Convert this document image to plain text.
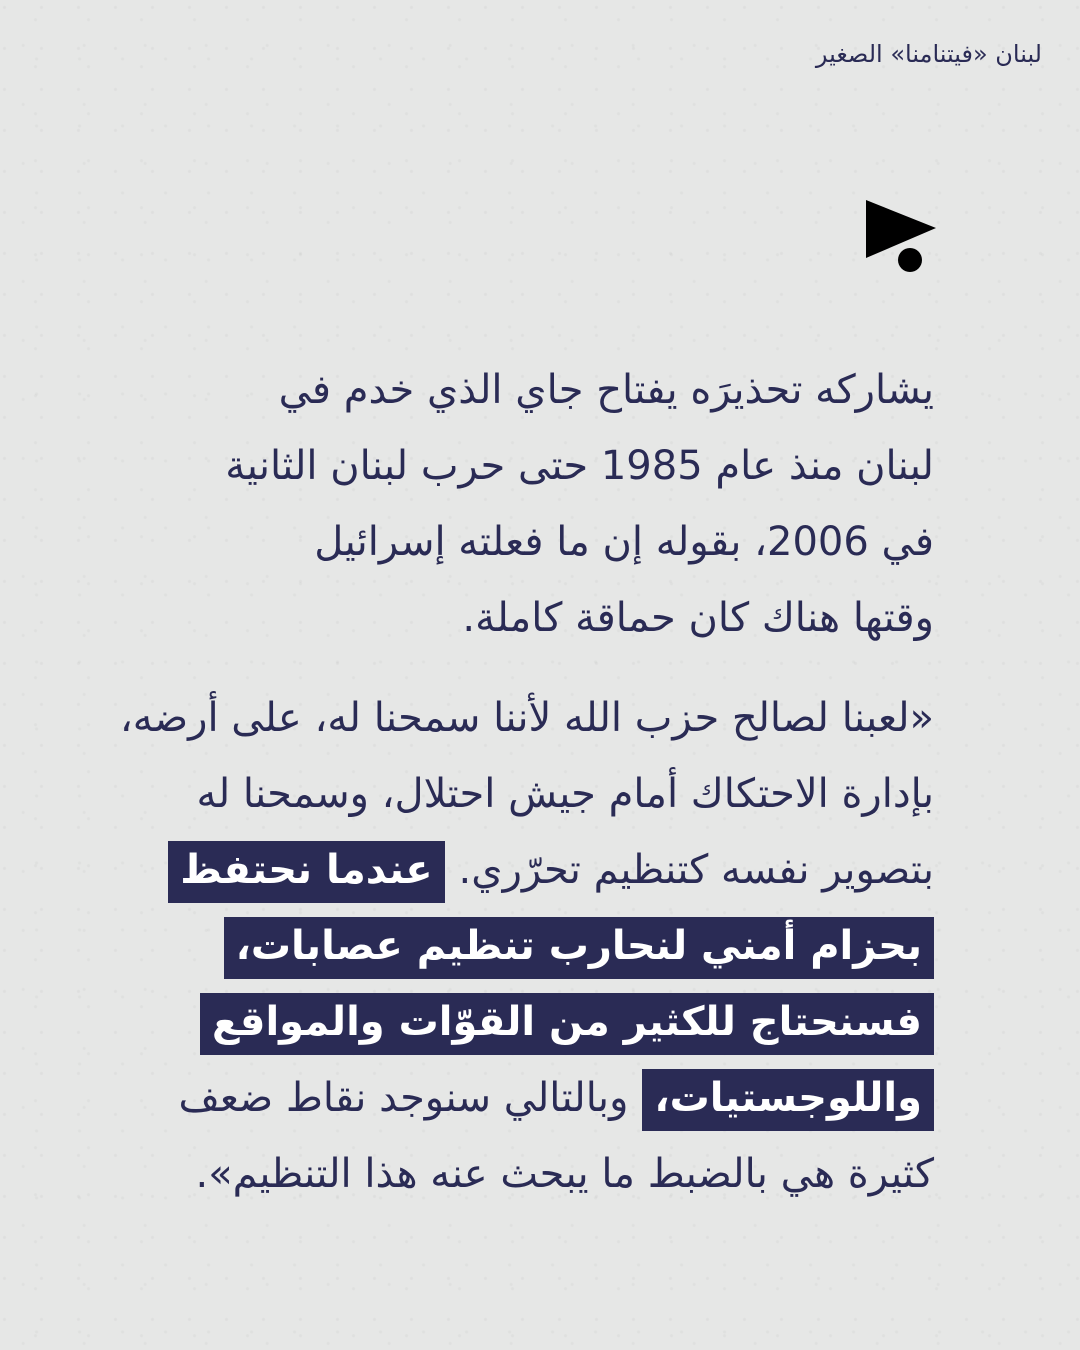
لبنان «فيتنامنا» الصغير
يشاركه تحذيرَه يفتاح جاي الذي خدم في
لبنان منذ عام 1985 حتى حرب لبنان الثانية
في 2006، بقوله إن ما فعلته إسرائيل
وقتها هناك كان حماقة كاملة.
«لعبنا لصالح حزب الله لأننا سمحنا له، على أرضه،
بإدارة الاحتكاك أمام جيش احتلال، وسمحنا له
بتصوير نفسه كتنظيم تحرّري.عندما نحتفظ
بحزام أمني لنحارب تنظيم عصابات،
فسنحتاج للكثير من القوّات والمواقع
واللوجستيات،وبالتالي سنوجد نقاط ضعف
كثيرة هي بالضبط ما يبحث عنه هذا التنظيم».
